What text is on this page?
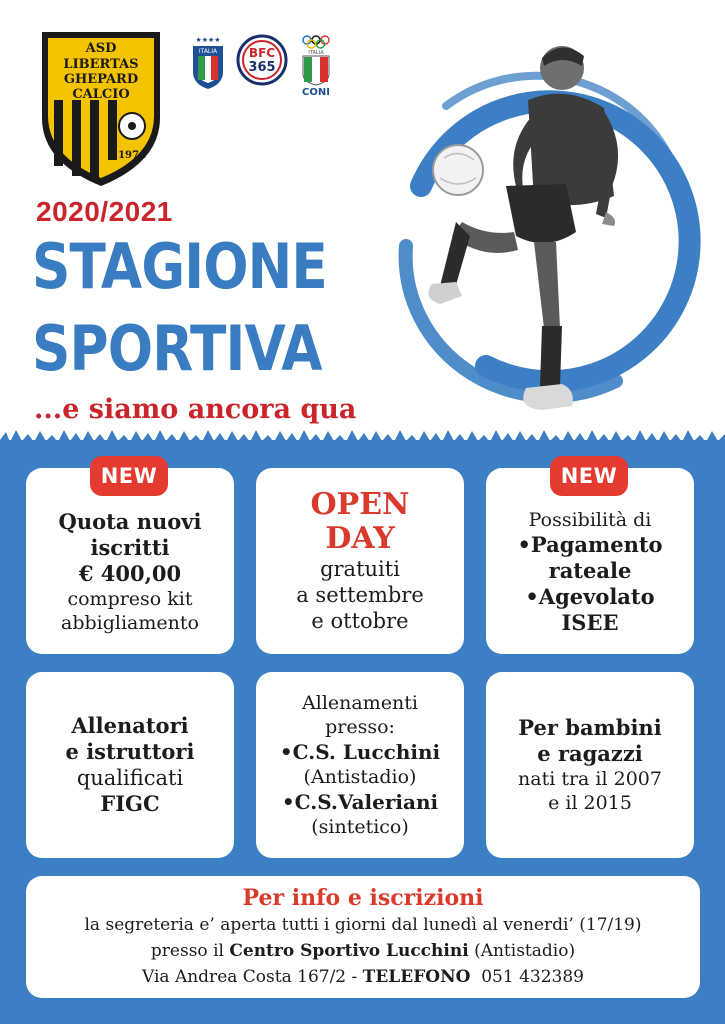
ASD
LIBERTAS
GHEPARD
CALCIO
1974
★★★★
ITALIA	BFC
365
ITALIA
CONI
2020/2021
STAGIONE
SPORTIVA
...e siamo ancora qua
Quota nuovi
iscritti
€ 400,00
compreso kit
abbigliamento
OPEN
DAY
gratuiti
a settembre
e ottobre
Possibilità di
•Pagamento
rateale
•Agevolato
ISEE
Allenatori
e istruttori
qualificati
FIGC
Allenamenti
presso:
•C.S. Lucchini
(Antistadio)
•C.S.Valeriani
(sintetico)
Per bambini
e ragazzi
nati tra il 2007
e il 2015
NEW	NEW
Per info e iscrizioni
la segreteria e’ aperta tutti i giorni dal lunedì al venerdi’ (17/19)
presso il Centro Sportivo Lucchini (Antistadio)
Via Andrea Costa 167/2 - TELEFONO  051 432389
